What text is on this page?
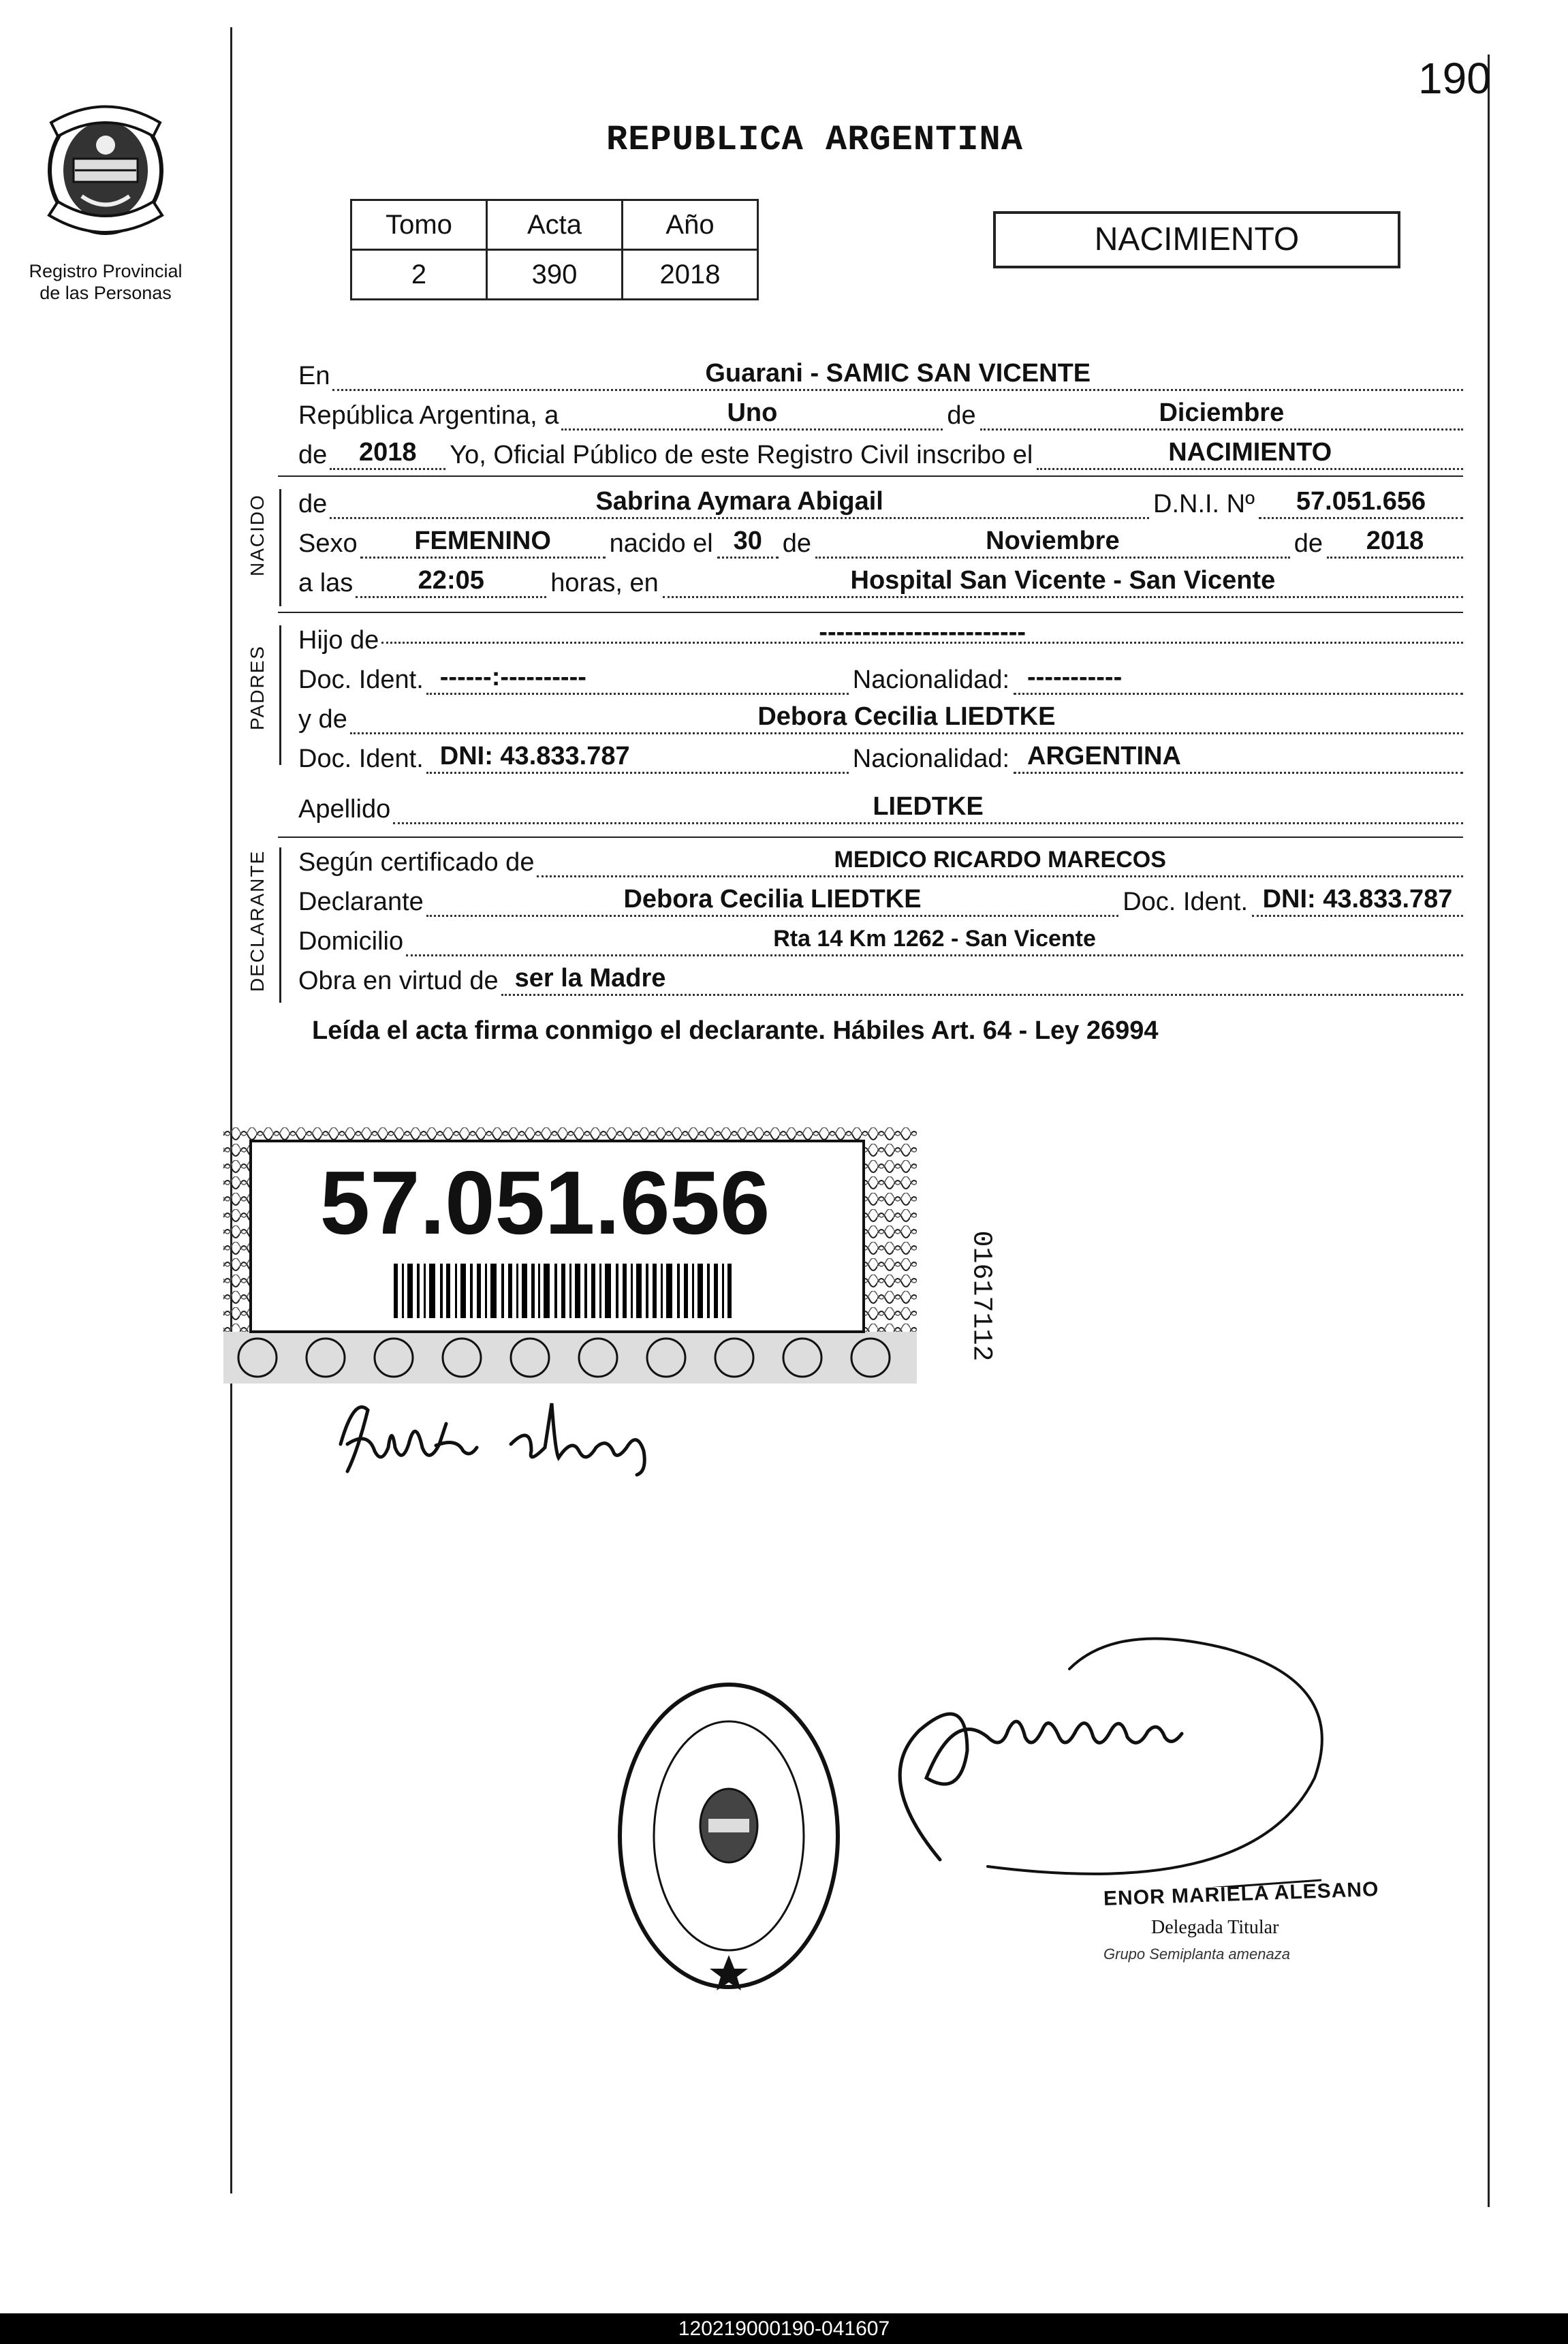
190
Registro Provincial
de las Personas
REPUBLICA ARGENTINA
Tomo	Acta	Año
2	390	2018
NACIMIENTO
En	Guarani - SAMIC SAN VICENTE
República Argentina, a	Uno	de	Diciembre
de	2018	Yo, Oficial Público de este Registro Civil inscribo el	NACIMIENTO
NACIDO de	Sabrina Aymara Abigail	D.N.I. Nº	57.051.656
Sexo	FEMENINO	nacido el 30 de	Noviembre	de	2018
a las	22:05	horas, en	Hospital San Vicente - San Vicente
PADRES
Hijo de	------------------------
Doc. Ident. ------:----------	Nacionalidad: -----------
y de	Debora Cecilia LIEDTKE
Doc. Ident. DNI: 43.833.787	Nacionalidad: ARGENTINA
Apellido	LIEDTKE
DECLARANTE Según certificado de	MEDICO RICARDO MARECOS
Declarante	Debora Cecilia LIEDTKE	Doc. Ident. DNI: 43.833.787
Domicilio	Rta 14 Km 1262 - San Vicente
Obra en virtud de ser la Madre
Leída el acta firma conmigo el declarante. Hábiles Art. 64 - Ley 26994
57.051.656
01617112
ENOR MARIELA ALESANO
Delegada Titular
Grupo Semiplanta amenaza
120219000190-041607
